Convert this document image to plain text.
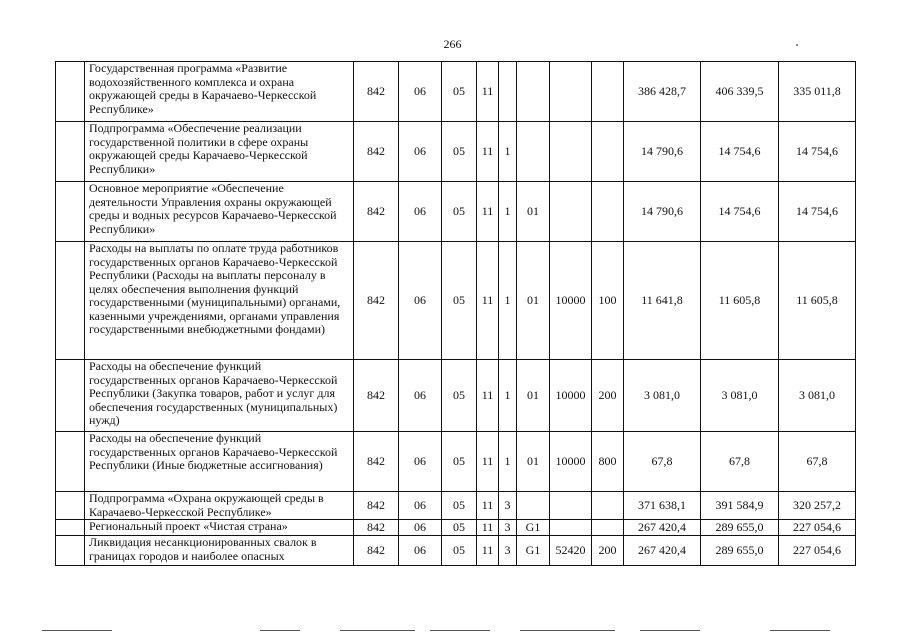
266
	Государственная программа «Развитие водохозяйственного комплекса и охрана окружающей среды в Карачаево-Черкесской Республике»	842	06	05	11					386 428,7	406 339,5	335 011,8
	Подпрограмма «Обеспечение реализации государственной политики в сфере охраны окружающей среды Карачаево-Черкесской Республики»	842	06	05	11	1				14 790,6	14 754,6	14 754,6
	Основное мероприятие «Обеспечение деятельности Управления охраны окружающей среды и водных ресурсов Карачаево-Черкесской Республики»	842	06	05	11	1	01			14 790,6	14 754,6	14 754,6
	Расходы на выплаты по оплате труда работников государственных органов Карачаево-Черкесской Республики (Расходы на выплаты персоналу в целях обеспечения выполнения функций государственными (муниципальными) органами, казенными учреждениями, органами управления государственными внебюджетными фондами)	842	06	05	11	1	01	10000	100	11 641,8	11 605,8	11 605,8
	Расходы на обеспечение функций государственных органов Карачаево-Черкесской Республики (Закупка товаров, работ и услуг для обеспечения государственных (муниципальных) нужд)	842	06	05	11	1	01	10000	200	3 081,0	3 081,0	3 081,0
	Расходы на обеспечение функций государственных органов Карачаево-Черкесской Республики (Иные бюджетные ассигнования)	842	06	05	11	1	01	10000	800	67,8	67,8	67,8
	Подпрограмма «Охрана окружающей среды в Карачаево-Черкесской Республике»	842	06	05	11	3				371 638,1	391 584,9	320 257,2
	Региональный проект «Чистая страна»	842	06	05	11	3	G1			267 420,4	289 655,0	227 054,6
	Ликвидация несанкционированных свалок в границах городов и наиболее опасных	842	06	05	11	3	G1	52420	200	267 420,4	289 655,0	227 054,6
